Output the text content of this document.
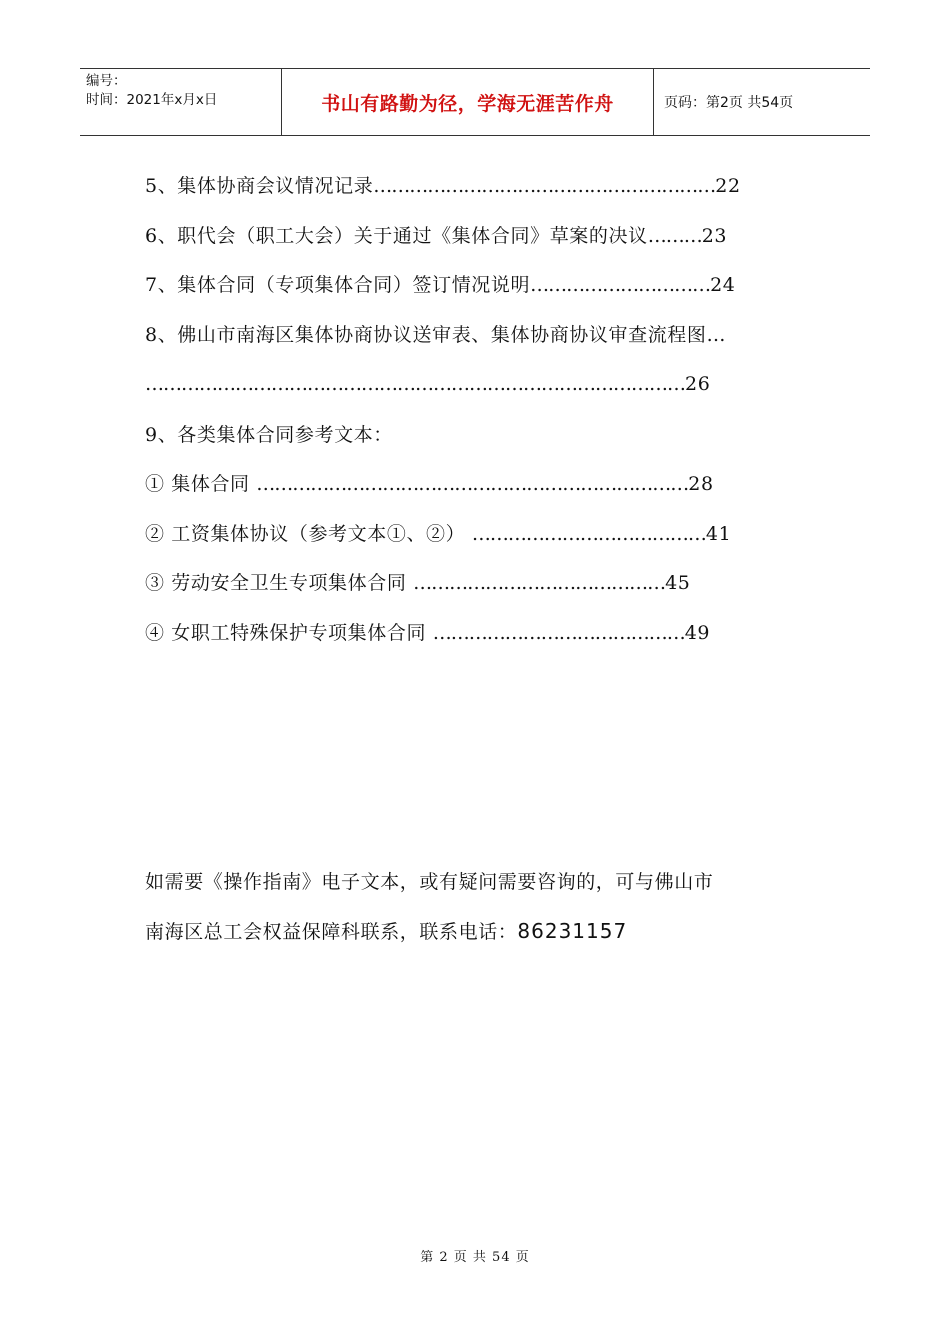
编号：
时间：2021年x月x日	书山有路勤为径，学海无涯苦作舟	页码：第2页 共54页
5、集体协商会议情况记录…………………………………………………22
6、职代会（职工大会）关于通过《集体合同》草案的决议………23
7、集体合同（专项集体合同）签订情况说明…………………………24
8、佛山市南海区集体协商协议送审表、集体协商协议审查流程图…
………………………………………………………………………………26
9、各类集体合同参考文本：
① 集体合同 ………………………………………………………………28
② 工资集体协议（参考文本①、②） …………………………………41
③ 劳动安全卫生专项集体合同 ……………………………………45
④ 女职工特殊保护专项集体合同 ……………………………………49
如需要《操作指南》电子文本，或有疑问需要咨询的，可与佛山市
南海区总工会权益保障科联系，联系电话：86231157
第 2 页 共 54 页
